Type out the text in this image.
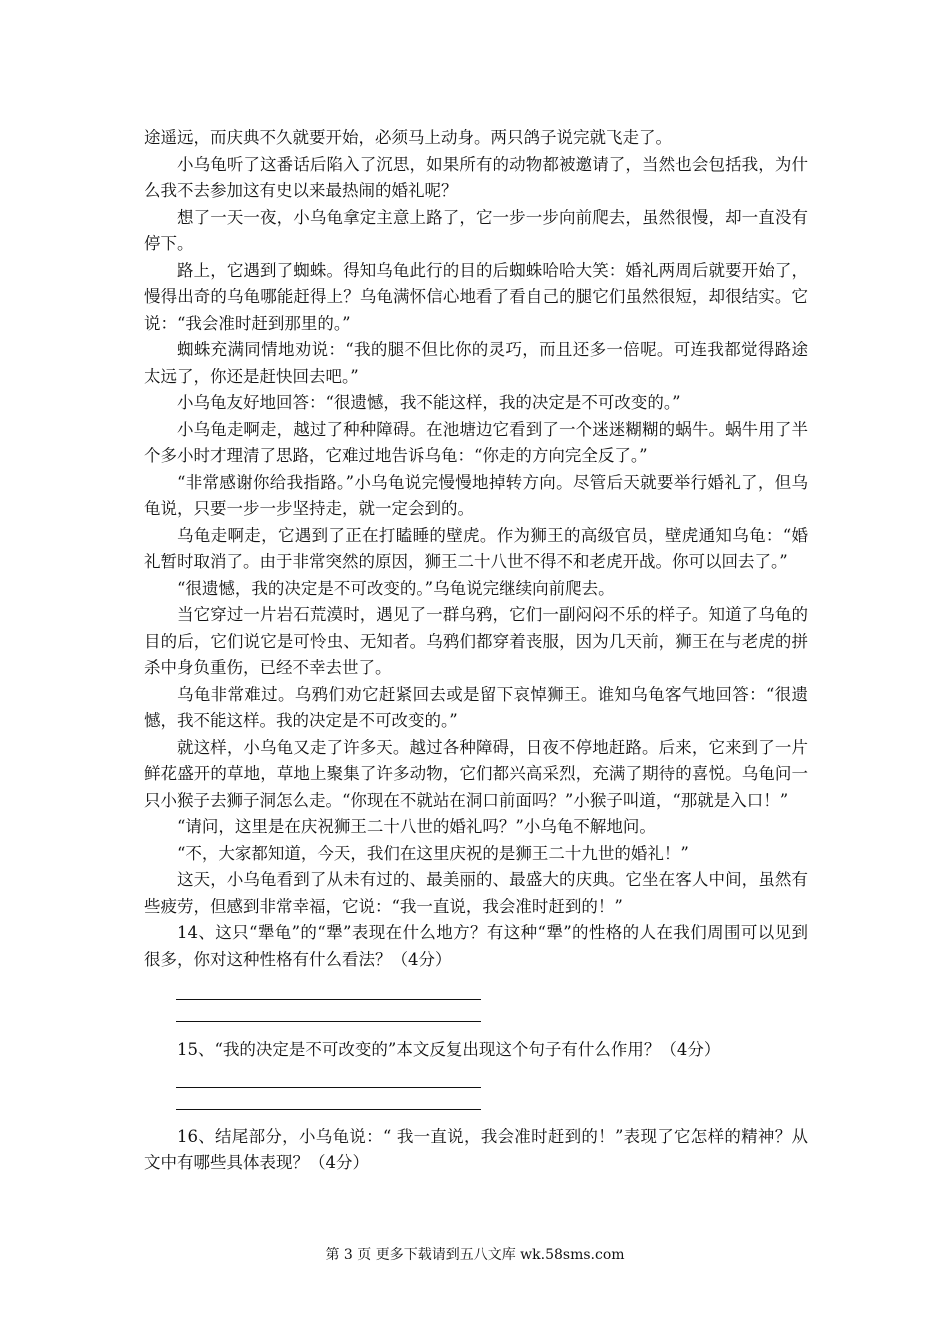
途遥远，而庆典不久就要开始，必须马上动身。两只鸽子说完就飞走了。

小乌龟听了这番话后陷入了沉思，如果所有的动物都被邀请了，当然也会包括我，为什么我不去参加这有史以来最热闹的婚礼呢？

想了一天一夜，小乌龟拿定主意上路了，它一步一步向前爬去，虽然很慢，却一直没有停下。

路上，它遇到了蜘蛛。得知乌龟此行的目的后蜘蛛哈哈大笑：婚礼两周后就要开始了，慢得出奇的乌龟哪能赶得上？乌龟满怀信心地看了看自己的腿它们虽然很短，却很结实。它说：“我会准时赶到那里的。”

蜘蛛充满同情地劝说：“我的腿不但比你的灵巧，而且还多一倍呢。可连我都觉得路途太远了，你还是赶快回去吧。”

小乌龟友好地回答：“很遗憾，我不能这样，我的决定是不可改变的。”

小乌龟走啊走，越过了种种障碍。在池塘边它看到了一个迷迷糊糊的蜗牛。蜗牛用了半个多小时才理清了思路，它难过地告诉乌龟：“你走的方向完全反了。”

“非常感谢你给我指路。”小乌龟说完慢慢地掉转方向。尽管后天就要举行婚礼了，但乌龟说，只要一步一步坚持走，就一定会到的。

乌龟走啊走，它遇到了正在打瞌睡的壁虎。作为狮王的高级官员，壁虎通知乌龟：“婚礼暂时取消了。由于非常突然的原因，狮王二十八世不得不和老虎开战。你可以回去了。”

“很遗憾，我的决定是不可改变的。”乌龟说完继续向前爬去。

当它穿过一片岩石荒漠时，遇见了一群乌鸦，它们一副闷闷不乐的样子。知道了乌龟的目的后，它们说它是可怜虫、无知者。乌鸦们都穿着丧服，因为几天前，狮王在与老虎的拼杀中身负重伤，已经不幸去世了。

乌龟非常难过。乌鸦们劝它赶紧回去或是留下哀悼狮王。谁知乌龟客气地回答：“很遗憾，我不能这样。我的决定是不可改变的。”

就这样，小乌龟又走了许多天。越过各种障碍，日夜不停地赶路。后来，它来到了一片鲜花盛开的草地，草地上聚集了许多动物，它们都兴高采烈，充满了期待的喜悦。乌龟问一只小猴子去狮子洞怎么走。“你现在不就站在洞口前面吗？”小猴子叫道，“那就是入口！”

“请问，这里是在庆祝狮王二十八世的婚礼吗？”小乌龟不解地问。

“不，大家都知道，今天，我们在这里庆祝的是狮王二十九世的婚礼！”

这天，小乌龟看到了从未有过的、最美丽的、最盛大的庆典。它坐在客人中间，虽然有些疲劳，但感到非常幸福，它说：“我一直说，我会准时赶到的！”

14、这只“犟龟”的“犟”表现在什么地方？有这种“犟”的性格的人在我们周围可以见到很多，你对这种性格有什么看法？（4分）

15、“我的决定是不可改变的”本文反复出现这个句子有什么作用？（4分）

16、结尾部分，小乌龟说：“ 我一直说，我会准时赶到的！”表现了它怎样的精神？从文中有哪些具体表现？（4分）

第 3 页 更多下载请到五八文库 wk.58sms.com
